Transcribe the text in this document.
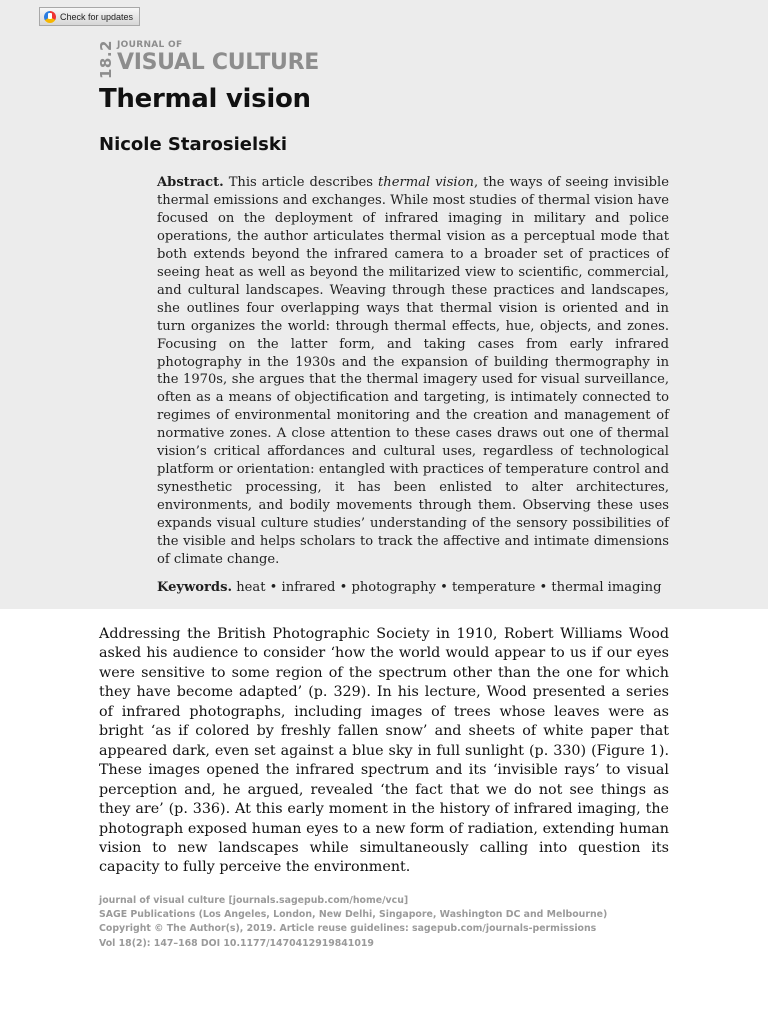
Check for updates
18.2 JOURNAL OF
VISUAL CULTURE
Thermal vision
Nicole Starosielski

Abstract. This article describes thermal vision, the ways of seeing invisible thermal emissions and exchanges. While most studies of thermal vision have focused on the deployment of infrared imaging in military and police operations, the author articulates thermal vision as a perceptual mode that both extends beyond the infrared camera to a broader set of practices of seeing heat as well as beyond the militarized view to scientific, commercial, and cultural landscapes. Weaving through these practices and landscapes, she outlines four overlapping ways that thermal vision is oriented and in turn organizes the world: through thermal effects, hue, objects, and zones. Focusing on the latter form, and taking cases from early infrared photography in the 1930s and the expansion of building thermography in the 1970s, she argues that the thermal imagery used for visual surveillance, often as a means of objectification and targeting, is intimately connected to regimes of environmental monitoring and the creation and management of normative zones. A close attention to these cases draws out one of thermal vision’s critical affordances and cultural uses, regardless of technological platform or orientation: entangled with practices of temperature control and synesthetic processing, it has been enlisted to alter architectures, environments, and bodily movements through them. Observing these uses expands visual culture studies’ understanding of the sensory possibilities of the visible and helps scholars to track the affective and intimate dimensions of climate change.

Keywords. heat • infrared • photography • temperature • thermal imaging

Addressing the British Photographic Society in 1910, Robert Williams Wood asked his audience to consider ‘how the world would appear to us if our eyes were sensitive to some region of the spectrum other than the one for which they have become adapted’ (p. 329). In his lecture, Wood presented a series of infrared photographs, including images of trees whose leaves were as bright ‘as if colored by freshly fallen snow’ and sheets of white paper that appeared dark, even set against a blue sky in full sunlight (p. 330) (Figure 1). These images opened the infrared spectrum and its ‘invisible rays’ to visual perception and, he argued, revealed ‘the fact that we do not see things as they are’ (p. 336). At this early moment in the history of infrared imaging, the photograph exposed human eyes to a new form of radiation, extending human vision to new landscapes while simultaneously calling into question its capacity to fully perceive the environment.

journal of visual culture [journals.sagepub.com/home/vcu]
SAGE Publications (Los Angeles, London, New Delhi, Singapore, Washington DC and Melbourne)
Copyright © The Author(s), 2019. Article reuse guidelines: sagepub.com/journals-permissions
Vol 18(2): 147–168 DOI 10.1177/1470412919841019
